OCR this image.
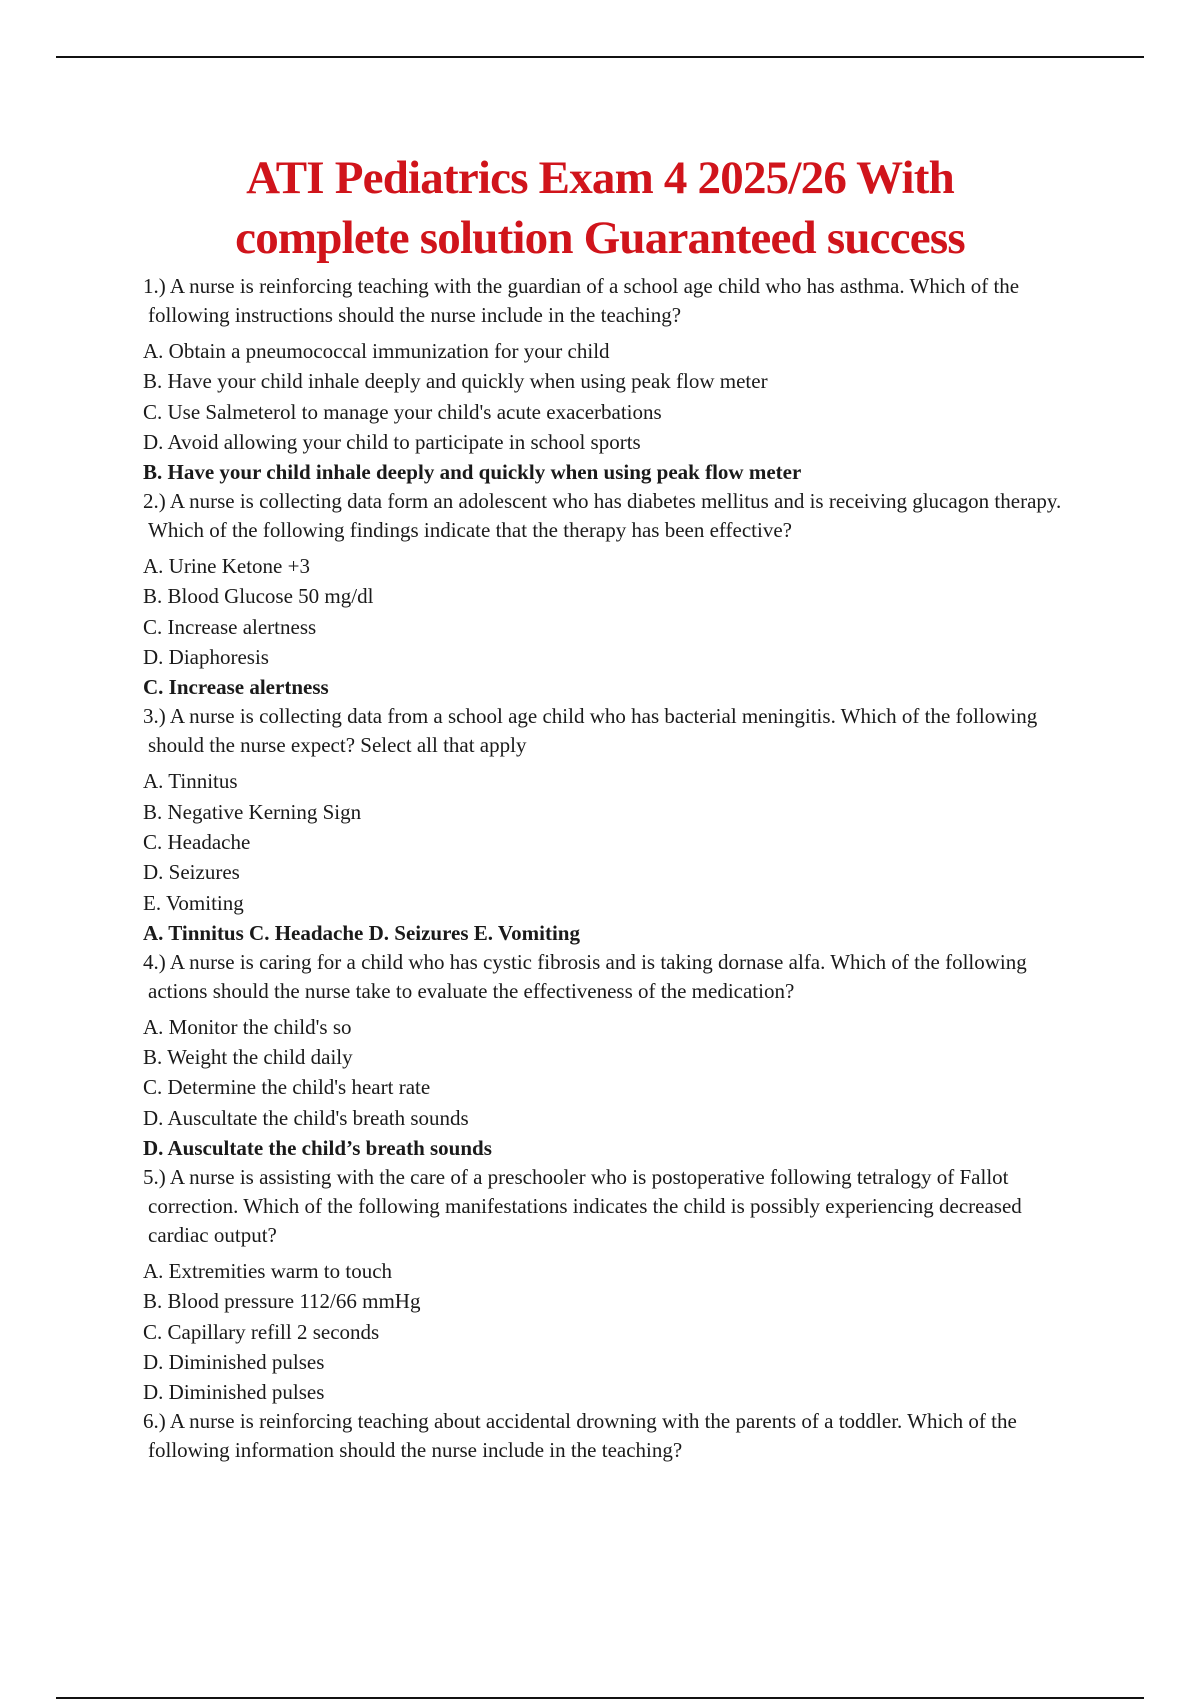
ATI Pediatrics Exam 4 2025/26 With
complete solution Guaranteed success

1.) A nurse is reinforcing teaching with the guardian of a school age child who has asthma. Which of the following instructions should the nurse include in the teaching?

A. Obtain a pneumococcal immunization for your child
B. Have your child inhale deeply and quickly when using peak flow meter
C. Use Salmeterol to manage your child's acute exacerbations
D. Avoid allowing your child to participate in school sports
B. Have your child inhale deeply and quickly when using peak flow meter

2.) A nurse is collecting data form an adolescent who has diabetes mellitus and is receiving glucagon therapy. Which of the following findings indicate that the therapy has been effective?

A. Urine Ketone +3
B. Blood Glucose 50 mg/dl
C. Increase alertness
D. Diaphoresis
C. Increase alertness

3.) A nurse is collecting data from a school age child who has bacterial meningitis. Which of the following should the nurse expect? Select all that apply

A. Tinnitus
B. Negative Kerning Sign
C. Headache
D. Seizures
E. Vomiting
A. Tinnitus C. Headache D. Seizures E. Vomiting

4.) A nurse is caring for a child who has cystic fibrosis and is taking dornase alfa. Which of the following actions should the nurse take to evaluate the effectiveness of the medication?

A. Monitor the child's so
B. Weight the child daily
C. Determine the child's heart rate
D. Auscultate the child's breath sounds
D. Auscultate the child’s breath sounds

5.) A nurse is assisting with the care of a preschooler who is postoperative following tetralogy of Fallot correction. Which of the following manifestations indicates the child is possibly experiencing decreased cardiac output?

A. Extremities warm to touch
B. Blood pressure 112/66 mmHg
C. Capillary refill 2 seconds
D. Diminished pulses
D. Diminished pulses

6.) A nurse is reinforcing teaching about accidental drowning with the parents of a toddler. Which of the following information should the nurse include in the teaching?
